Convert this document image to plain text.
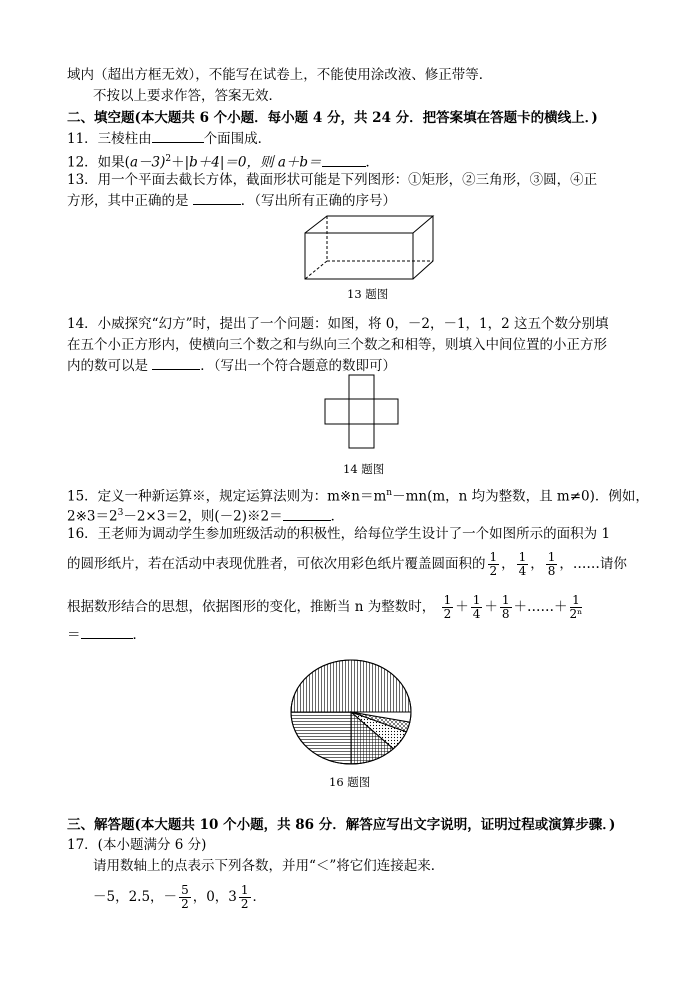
域内（超出方框无效），不能写在试卷上，不能使用涂改液、修正带等．
不按以上要求作答，答案无效．
二、填空题(本大题共 6 个小题．每小题 4 分，共 24 分．把答案填在答题卡的横线上．)
11．三棱柱由	个面围成．
12．如果$(a-3)^2+|b+4|=0$，则 a＋b＝	．
13．用一个平面去截长方体，截面形状可能是下列图形：①矩形，②三角形，③圆，④正
方形，其中正确的是	．（写出所有正确的序号）
13 题图
14．小威探究“幻方”时，提出了一个问题：如图，将 0，－2，－1，1，2 这五个数分别填
在五个小正方形内，使横向三个数之和与纵向三个数之和相等，则填入中间位置的小正方形
内的数可以是	．（写出一个符合题意的数即可）
14 题图
15．定义一种新运算※，规定运算法则为：$m※n=m^n-mn(m$，n 均为整数，且 m≠0)．例如，
$2※3=2^3-2\times 3=2$，则(－2)※2＝	．
16．王老师为调动学生参加班级活动的积极性，给每位学生设计了一个如图所示的面积为 1
的圆形纸片，若在活动中表现优胜者，可依次用彩色纸片覆盖圆面积的 $\frac{1}{2}$ ， $\frac{1}{4}$ ， $\frac{1}{8}$ ，……请你
根据数形结合的思想，依据图形的变化，推断当 n 为整数时， $\frac{1}{2} + \frac{1}{4} + \frac{1}{8}$ ＋……＋ $\frac{1}{\text{2ⁿ}}$
＝	．
16 题图
三、解答题(本大题共 10 个小题，共 86 分．解答应写出文字说明，证明过程或演算步骤．)
17．(本小题满分 6 分)
请用数轴上的点表示下列各数，并用“＜”将它们连接起来．
－5，2.5，－ $\frac{5}{2}$ ，0，$3 \frac{1}{2}$ ．
